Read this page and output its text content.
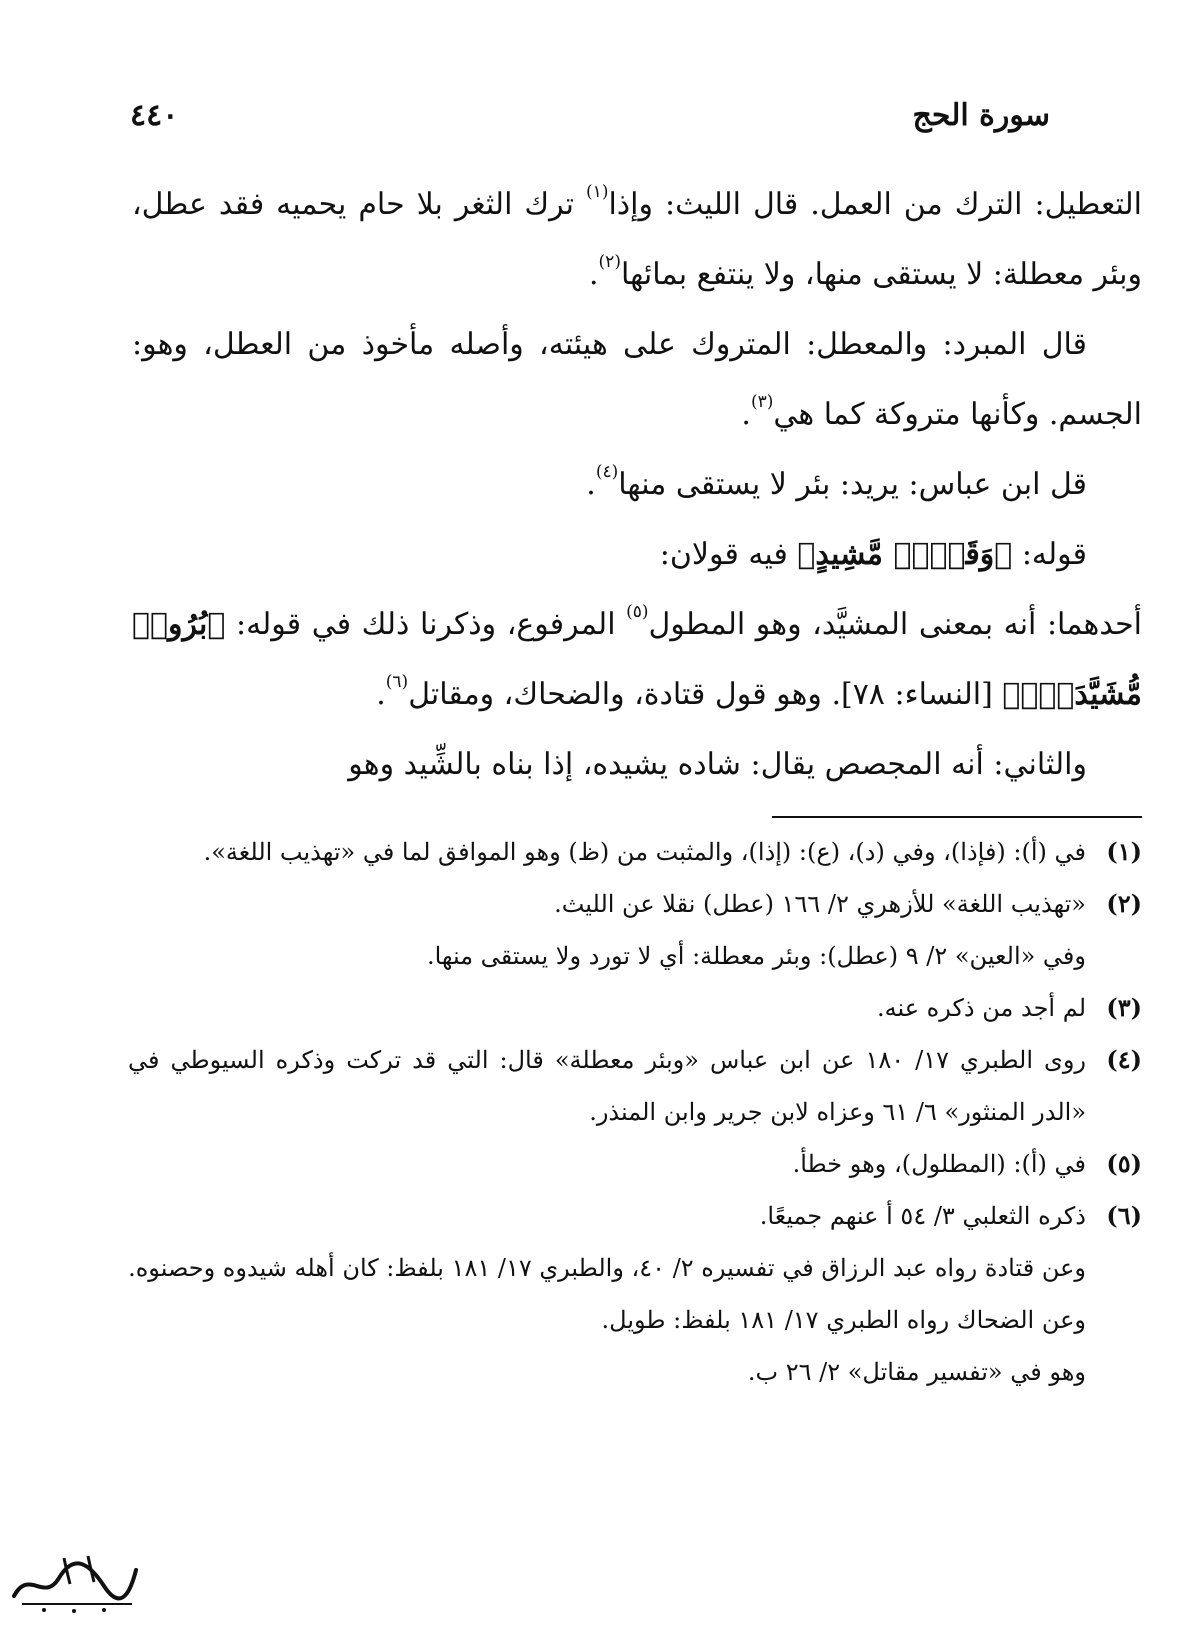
سورة الحج
٤٤٠

التعطيل: الترك من العمل. قال الليث: وإذا$^{(١)}$ ترك الثغر بلا حام يحميه فقد عطل، وبئر معطلة: لا يستقى منها، ولا ينتفع بمائها$^{(٢)}$.

قال المبرد: والمعطل: المتروك على هيئته، وأصله مأخوذ من العطل، وهو: الجسم. وكأنها متروكة كما هي$^{(٣)}$.

قل ابن عباس: يريد: بئر لا يستقى منها$^{(٤)}$.

قوله: ﴿وَقَصۡرٖ مَّشِيدٍ﴾ فيه قولان:

أحدهما: أنه بمعنى المشيَّد، وهو المطول$^{(٥)}$ المرفوع، وذكرنا ذلك في قوله: ﴿بُرُوجٖ مُّشَيَّدَةٖۗ﴾ [النساء: ٧٨]. وهو قول قتادة، والضحاك، ومقاتل$^{(٦)}$.

والثاني: أنه المجصص يقال: شاده يشيده، إذا بناه بالشِّيد وهو

(١)
في (أ): (فإذا)، وفي (د)، (ع): (إذا)، والمثبت من (ظ) وهو الموافق لما في «تهذيب اللغة».
(٢)
«تهذيب اللغة» للأزهري ٢/ ١٦٦ (عطل) نقلا عن الليث.
وفي «العين» ٢/ ٩ (عطل): وبئر معطلة: أي لا تورد ولا يستقى منها.
(٣)
لم أجد من ذكره عنه.
(٤)
روى الطبري ١٧/ ١٨٠ عن ابن عباس «وبئر معطلة» قال: التي قد تركت وذكره السيوطي في «الدر المنثور» ٦/ ٦١ وعزاه لابن جرير وابن المنذر.
(٥)
في (أ): (المطلول)، وهو خطأ.
(٦)
ذكره الثعلبي ٣/ ٥٤ أ عنهم جميعًا.
وعن قتادة رواه عبد الرزاق في تفسيره ٢/ ٤٠، والطبري ١٧/ ١٨١ بلفظ: كان أهله شيدوه وحصنوه.
وعن الضحاك رواه الطبري ١٧/ ١٨١ بلفظ: طويل.
وهو في «تفسير مقاتل» ٢/ ٢٦ ب.
